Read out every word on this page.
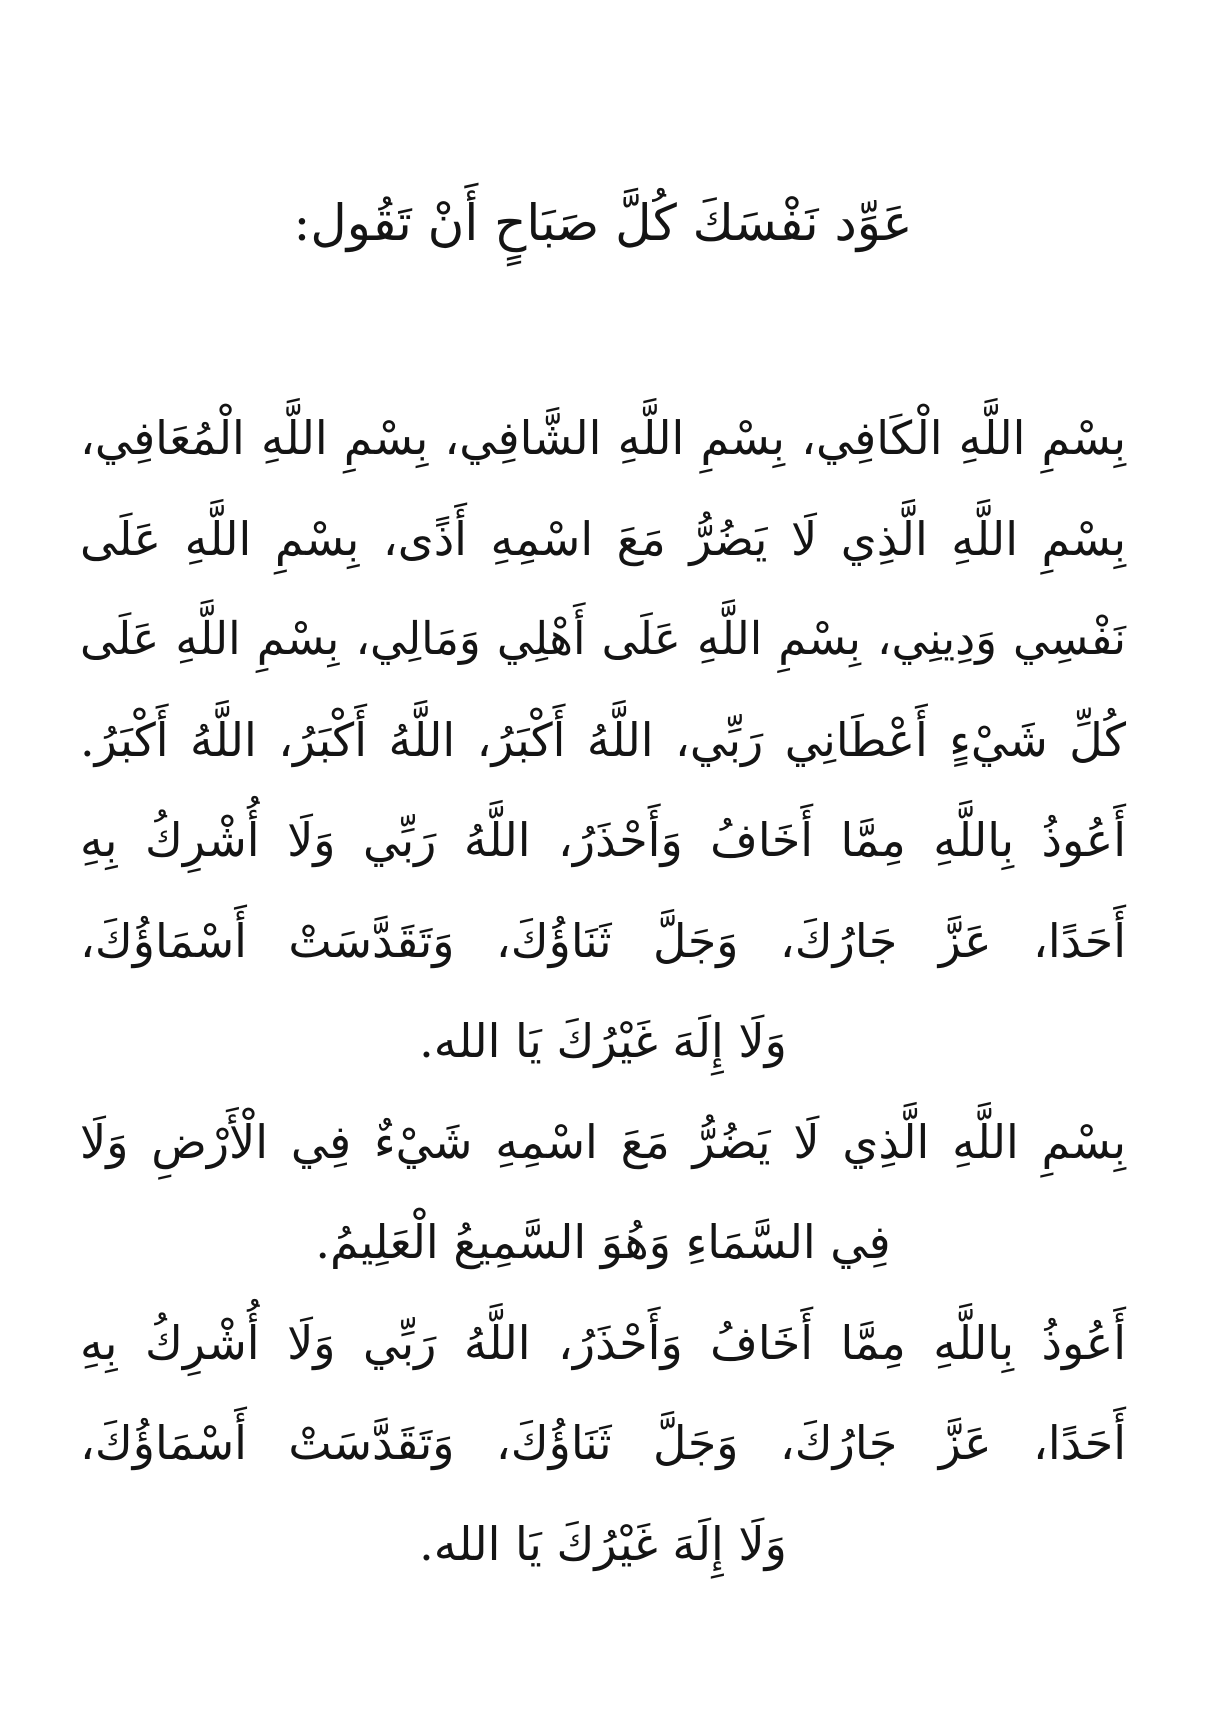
عَوِّد نَفْسَكَ كُلَّ صَبَاحٍ أَنْ تَقُول:
بِسْمِ اللَّهِ الْكَافِي، بِسْمِ اللَّهِ الشَّافِي، بِسْمِ اللَّهِ الْمُعَافِي،
بِسْمِ اللَّهِ الَّذِي لَا يَضُرُّ مَعَ اسْمِهِ أَذًى، بِسْمِ اللَّهِ عَلَى
نَفْسِي وَدِينِي، بِسْمِ اللَّهِ عَلَى أَهْلِي وَمَالِي، بِسْمِ اللَّهِ عَلَى
كُلِّ شَيْءٍ أَعْطَانِي رَبِّي، اللَّهُ أَكْبَرُ، اللَّهُ أَكْبَرُ، اللَّهُ أَكْبَرُ.
أَعُوذُ بِاللَّهِ مِمَّا أَخَافُ وَأَحْذَرُ، اللَّهُ رَبِّي وَلَا أُشْرِكُ بِهِ
أَحَدًا، عَزَّ جَارُكَ، وَجَلَّ ثَنَاؤُكَ، وَتَقَدَّسَتْ أَسْمَاؤُكَ،
وَلَا إِلَهَ غَيْرُكَ يَا الله.
بِسْمِ اللَّهِ الَّذِي لَا يَضُرُّ مَعَ اسْمِهِ شَيْءٌ فِي الْأَرْضِ وَلَا
فِي السَّمَاءِ وَهُوَ السَّمِيعُ الْعَلِيمُ.
أَعُوذُ بِاللَّهِ مِمَّا أَخَافُ وَأَحْذَرُ، اللَّهُ رَبِّي وَلَا أُشْرِكُ بِهِ
أَحَدًا، عَزَّ جَارُكَ، وَجَلَّ ثَنَاؤُكَ، وَتَقَدَّسَتْ أَسْمَاؤُكَ،
وَلَا إِلَهَ غَيْرُكَ يَا الله.
